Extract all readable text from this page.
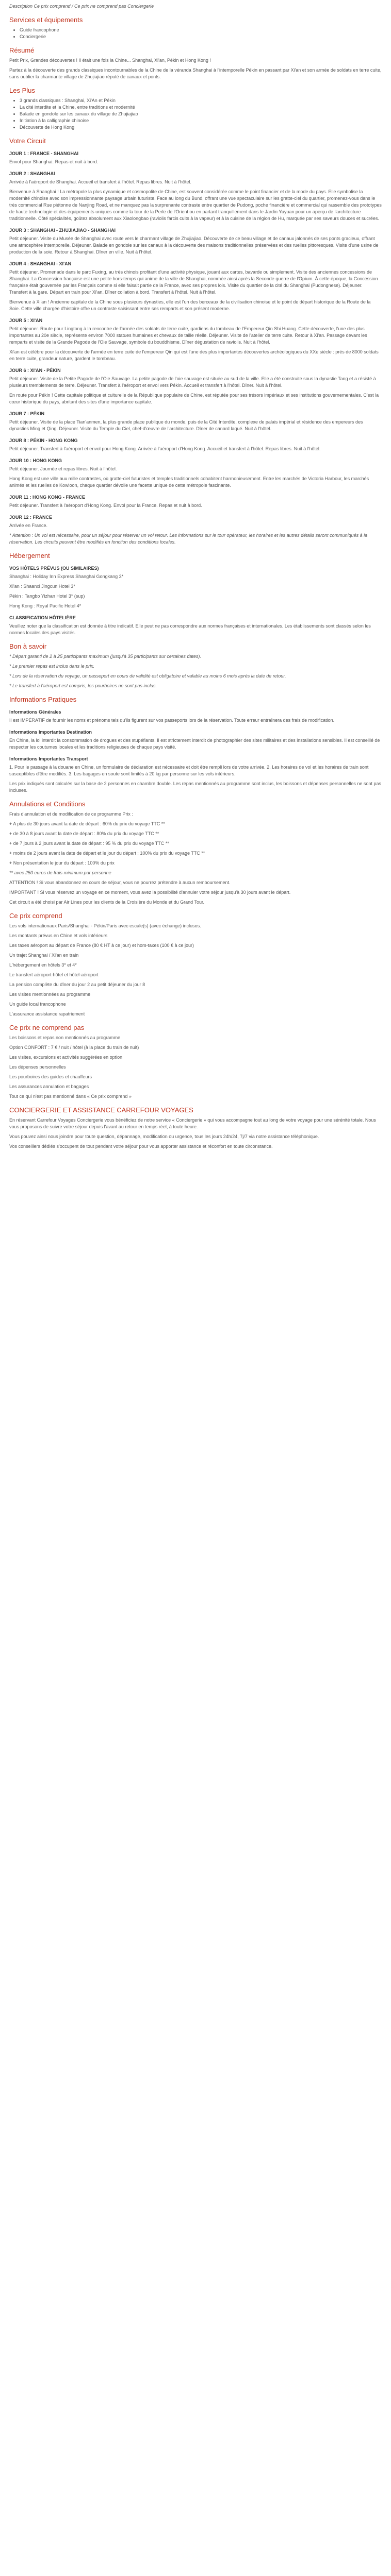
Description Ce prix comprend / Ce prix ne comprend pas Conciergerie

Services et équipements
• Guide francophone
• Conciergerie
Résumé

Petit Prix, Grandes découvertes ! Il était une fois la Chine... Shanghai, Xi'an, Pékin et Hong Kong !

Partez à la découverte des grands classiques incontournables de la Chine de la véranda Shanghai à l'intemporelle Pékin en passant par Xi'an et son armée de soldats en terre cuite, sans oublier la charmante village de Zhujiajiao réputé de canaux et ponts.

Les Plus
• 3 grands classiques : Shanghai, Xi'An et Pékin
• La cité interdite et la Chine, entre traditions et modernité
• Balade en gondole sur les canaux du village de Zhujiajiao
• Initiation à la calligraphie chinoise
• Découverte de Hong Kong
Votre Circuit
JOUR 1 : FRANCE - SHANGHAI

Envol pour Shanghai. Repas et nuit à bord.

JOUR 2 : SHANGHAI

Arrivée à l'aéroport de Shanghai. Accueil et transfert à l'hôtel. Repas libres. Nuit à l'hôtel.

Bienvenue à Shanghai ! La métropole la plus dynamique et cosmopolite de Chine, est souvent considérée comme le point financier et de la mode du pays. Elle symbolise la modernité chinoise avec son impressionnante paysage urbain futuriste. Face au long du Bund, offrant une vue spectaculaire sur les gratte-ciel du quartier, promenez-vous dans le très commercial Rue piétonne de Nanjing Road, et ne manquez pas la surprenante contraste entre quartier de Pudong, poche financière et commercial qui rassemble des prototypes de haute technologie et des équipements uniques comme la tour de la Perle de l'Orient ou en partant tranquillement dans le Jardin Yuyuan pour un aperçu de l'architecture traditionnelle. Côté spécialités, goûtez absolument aux Xiaolongbao (raviolis farcis cuits à la vapeur) et à la cuisine de la région de Hu, marquée par ses saveurs douces et sucrées.

JOUR 3 : SHANGHAI - ZHUJIAJIAO - SHANGHAI

Petit déjeuner. Visite du Musée de Shanghai avec route vers le charmant village de Zhujiajiao. Découverte de ce beau village et de canaux jalonnés de ses ponts gracieux, offrant une atmosphère intemporelle. Déjeuner. Balade en gondole sur les canaux à la découverte des maisons traditionnelles préservées et des ruelles pittoresques. Visite d'une usine de production de la soie. Retour à Shanghai. Dîner en ville. Nuit à l'hôtel.

JOUR 4 : SHANGHAI - XI'AN

Petit déjeuner. Promenade dans le parc Fuxing, au très chinois profitant d'une activité physique, jouant aux cartes, bavarde ou simplement. Visite des anciennes concessions de Shanghai. La Concession française est une petite hors-temps qui anime de la ville de Shanghai, nommée ainsi après la Seconde guerre de l'Opium. À cette époque, la Concession française était gouvernée par les Français comme si elle faisait partie de la France, avec ses propres lois. Visite du quartier de la cité du Shanghai (Pudongnese). Déjeuner. Transfert à la gare. Départ en train pour Xi'an. Dîner collation à bord. Transfert à l'hôtel. Nuit à l'hôtel.

Bienvenue à Xi'an ! Ancienne capitale de la Chine sous plusieurs dynasties, elle est l'un des berceaux de la civilisation chinoise et le point de départ historique de la Route de la Soie. Cette ville chargée d'histoire offre un contraste saisissant entre ses remparts et son présent moderne.

JOUR 5 : XI'AN

Petit déjeuner. Route pour Lingtong à la rencontre de l'armée des soldats de terre cuite, gardiens du tombeau de l'Empereur Qin Shi Huang. Cette découverte, l'une des plus importantes au 20e siècle, représente environ 7000 statues humaines et chevaux de taille réelle. Déjeuner. Visite de l'atelier de terre cuite. Retour à Xi'an. Passage devant les remparts et visite de la Grande Pagode de l'Oie Sauvage, symbole du bouddhisme. Dîner dégustation de raviolis. Nuit à l'hôtel.

Xi'an est célèbre pour la découverte de l'armée en terre cuite de l'empereur Qin qui est l'une des plus importantes découvertes archéologiques du XXe siècle : près de 8000 soldats en terre cuite, grandeur nature, gardent le tombeau.

JOUR 6 : XI'AN - PÉKIN

Petit déjeuner. Visite de la Petite Pagode de l'Oie Sauvage. La petite pagode de l'oie sauvage est située au sud de la ville. Elle a été construite sous la dynastie Tang et a résisté à plusieurs tremblements de terre. Déjeuner. Transfert à l'aéroport et envol vers Pékin. Accueil et transfert à l'hôtel. Dîner. Nuit à l'hôtel.

En route pour Pékin ! Cette capitale politique et culturelle de la République populaire de Chine, est réputée pour ses trésors impériaux et ses institutions gouvernementales. C'est la cœur historique du pays, abritant des sites d'une importance capitale.

JOUR 7 : PÉKIN

Petit déjeuner. Visite de la place Tian'anmen, la plus grande place publique du monde, puis de la Cité Interdite, complexe de palais impérial et résidence des empereurs des dynasties Ming et Qing. Déjeuner. Visite du Temple du Ciel, chef-d'œuvre de l'architecture. Dîner de canard laqué. Nuit à l'hôtel.

JOUR 8 : PÉKIN - HONG KONG

Petit déjeuner. Transfert à l'aéroport et envol pour Hong Kong. Arrivée à l'aéroport d'Hong Kong. Accueil et transfert à l'hôtel. Repas libres. Nuit à l'hôtel.

JOUR 10 : HONG KONG

Petit déjeuner. Journée et repas libres. Nuit à l'hôtel.

Hong Kong est une ville aux mille contrastes, où gratte-ciel futuristes et temples traditionnels cohabitent harmonieusement. Entre les marchés de Victoria Harbour, les marchés animés et les ruelles de Kowloon, chaque quartier dévoile une facette unique de cette métropole fascinante.

JOUR 11 : HONG KONG - FRANCE

Petit déjeuner. Transfert à l'aéroport d'Hong Kong. Envol pour la France. Repas et nuit à bord.

JOUR 12 : FRANCE

Arrivée en France.

* Attention : Un vol est nécessaire, pour un séjour pour réserver un vol retour. Les informations sur le tour opérateur, les horaires et les autres détails seront communiqués à la réservation. Les circuits peuvent être modifiés en fonction des conditions locales.

Hébergement
VOS HÔTELS PRÉVUS (OU SIMILAIRES)

Shanghai : Holiday Inn Express Shanghai Gongkang 3*

Xi'an : Shaanxi Jingcun Hotel 3*

Pékin : Tangbo Yizhan Hotel 3* (sup)

Hong Kong : Royal Pacific Hotel 4*

CLASSIFICATION HÔTELIÈRE

Veuillez noter que la classification est donnée à titre indicatif. Elle peut ne pas correspondre aux normes françaises et internationales. Les établissements sont classés selon les normes locales des pays visités.

Bon à savoir

* Départ garanti de 2 à 25 participants maximum (jusqu'à 35 participants sur certaines dates).

* Le premier repas est inclus dans le prix.

* Lors de la réservation du voyage, un passeport en cours de validité est obligatoire et valable au moins 6 mois après la date de retour.

* Le transfert à l'aéroport est compris, les pourboires ne sont pas inclus.

Informations Pratiques
Informations Générales

Il est IMPÉRATIF de fournir les noms et prénoms tels qu'ils figurent sur vos passeports lors de la réservation. Toute erreur entraînera des frais de modification.

Informations Importantes Destination

En Chine, la loi interdit la consommation de drogues et des stupéfiants. Il est strictement interdit de photographier des sites militaires et des installations sensibles. Il est conseillé de respecter les coutumes locales et les traditions religieuses de chaque pays visité.

Informations Importantes Transport

1. Pour le passage à la douane en Chine, un formulaire de déclaration est nécessaire et doit être rempli lors de votre arrivée. 2. Les horaires de vol et les horaires de train sont susceptibles d'être modifiés. 3. Les bagages en soute sont limités à 20 kg par personne sur les vols intérieurs.

Les prix indiqués sont calculés sur la base de 2 personnes en chambre double. Les repas mentionnés au programme sont inclus, les boissons et dépenses personnelles ne sont pas incluses.

Annulations et Conditions

Frais d'annulation et de modification de ce programme Prix :

+ A plus de 30 jours avant la date de départ : 60% du prix du voyage TTC **

+ de 30 à 8 jours avant la date de départ : 80% du prix du voyage TTC **

+ de 7 jours à 2 jours avant la date de départ : 95 % du prix du voyage TTC **

+ moins de 2 jours avant la date de départ et le jour du départ : 100% du prix du voyage TTC **

+ Non présentation le jour du départ : 100% du prix

** avec 250 euros de frais minimum par personne

ATTENTION ! Si vous abandonnez en cours de séjour, vous ne pourrez prétendre à aucun remboursement.

IMPORTANT ! Si vous réservez un voyage en ce moment, vous avez la possibilité d'annuler votre séjour jusqu'à 30 jours avant le départ.

Cet circuit a été choisi par Air Lines pour les clients de la Croisière du Monde et du Grand Tour.

Ce prix comprend

Les vols internationaux Paris/Shanghai - Pékin/Paris avec escale(s) (avec échange) inclusos.

Les montants prévus en Chine et vols intérieurs

Les taxes aéroport au départ de France (80 € HT à ce jour) et hors-taxes (100 € à ce jour)

Un trajet Shanghai / Xi'an en train

L'hébergement en hôtels 3* et 4*

Le transfert aéroport-hôtel et hôtel-aéroport

La pension complète du dîner du jour 2 au petit déjeuner du jour 8

Les visites mentionnées au programme

Un guide local francophone

L'assurance assistance rapatriement

Ce prix ne comprend pas

Les boissons et repas non mentionnés au programme

Option CONFORT : 7 € / nuit / hôtel (à la place du train de nuit)

Les visites, excursions et activités suggérées en option

Les dépenses personnelles

Les pourboires des guides et chauffeurs

Les assurances annulation et bagages

Tout ce qui n'est pas mentionné dans « Ce prix comprend »

CONCIERGERIE ET ASSISTANCE CARREFOUR VOYAGES

En réservant Carrefour Voyages Conciergerie vous bénéficiez de notre service « Conciergerie » qui vous accompagne tout au long de votre voyage pour une sérénité totale. Nous vous proposons de suivre votre séjour depuis l'avant au retour en temps réel, à toute heure.

Vous pouvez ainsi nous joindre pour toute question, dépannage, modification ou urgence, tous les jours 24h/24, 7j/7 via notre assistance téléphonique.

Vos conseillers dédiés s'occupent de tout pendant votre séjour pour vous apporter assistance et réconfort en toute circonstance.
